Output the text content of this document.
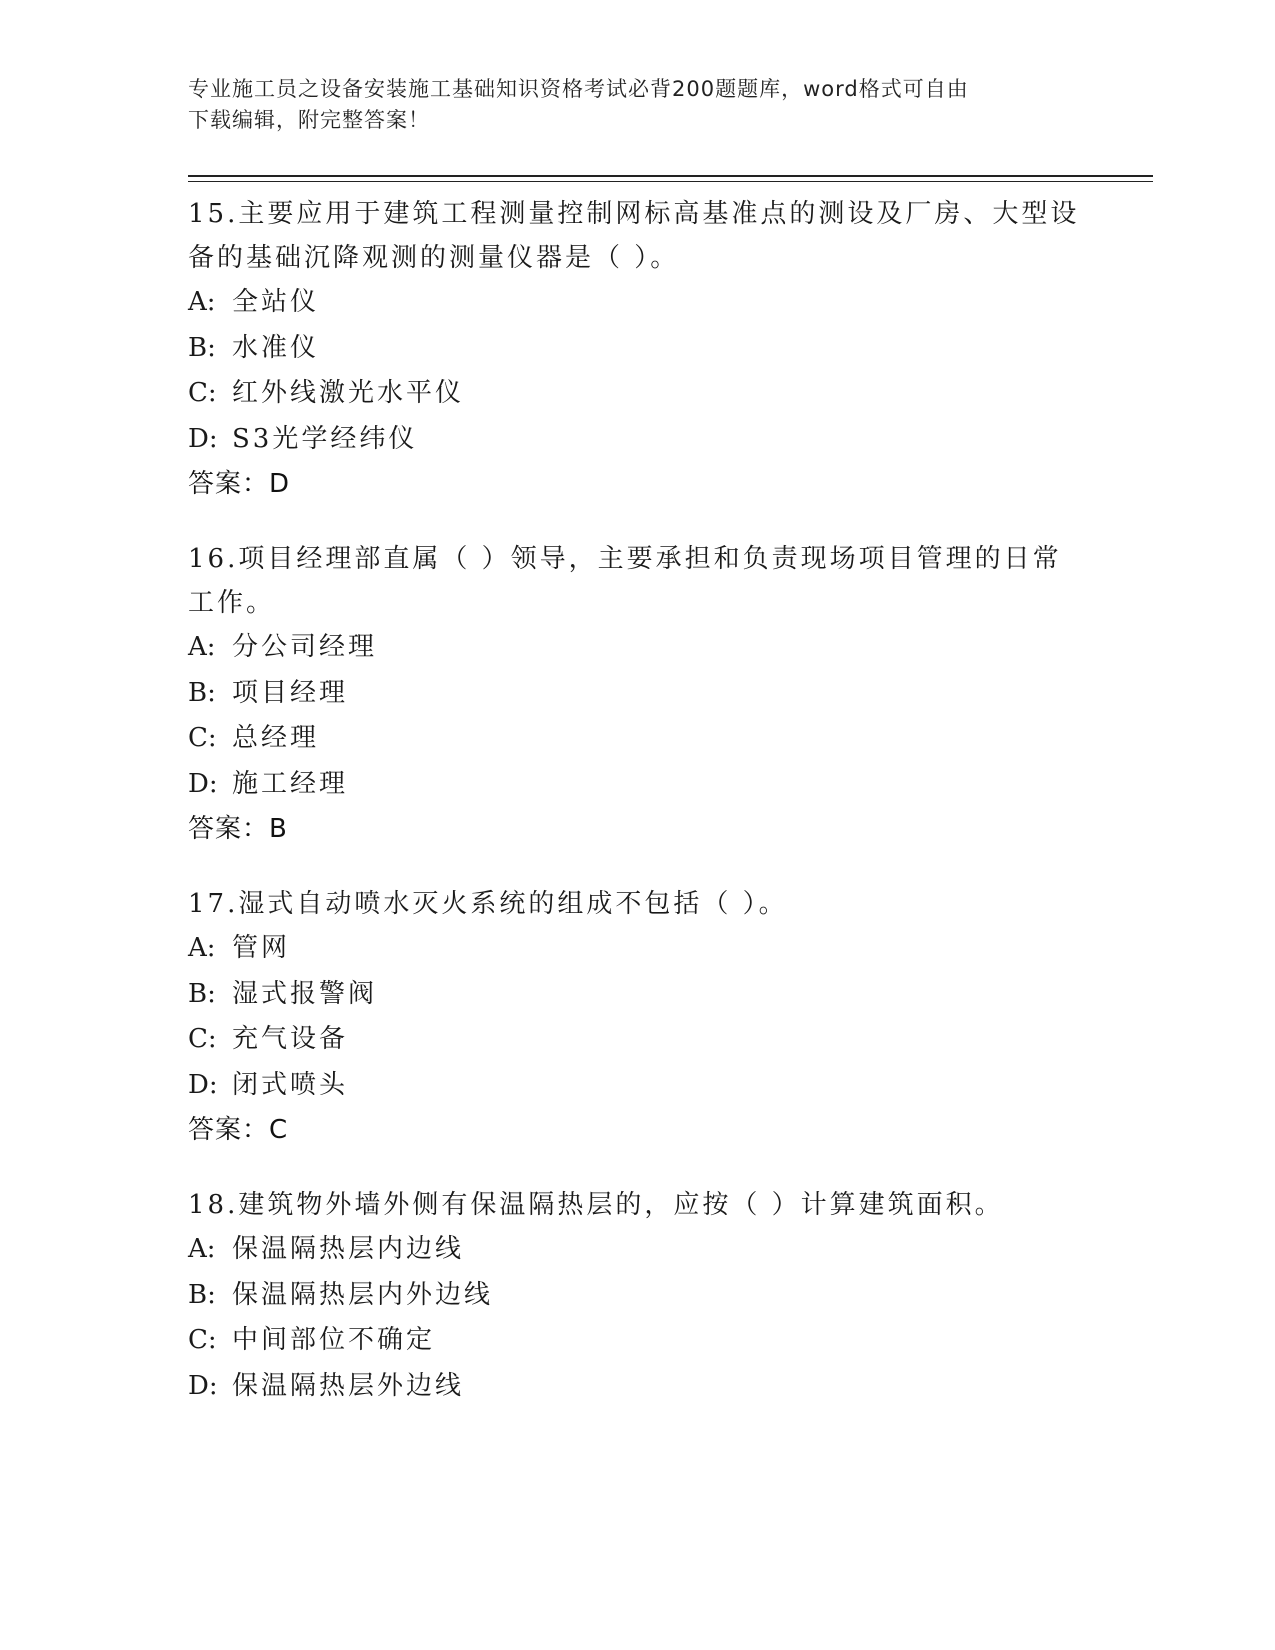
专业施工员之设备安装施工基础知识资格考试必背200题题库，word格式可自由
下载编辑，附完整答案！

15.主要应用于建筑工程测量控制网标高基准点的测设及厂房、大型设备的基础沉降观测的测量仪器是（ ）。

A: 全站仪
B: 水准仪
C: 红外线激光水平仪
D: S3光学经纬仪

答案：D

16.项目经理部直属（ ）领导，主要承担和负责现场项目管理的日常工作。

A: 分公司经理
B: 项目经理
C: 总经理
D: 施工经理

答案：B

17.湿式自动喷水灭火系统的组成不包括（ ）。

A: 管网
B: 湿式报警阀
C: 充气设备
D: 闭式喷头

答案：C

18.建筑物外墙外侧有保温隔热层的，应按（ ）计算建筑面积。

A: 保温隔热层内边线
B: 保温隔热层内外边线
C: 中间部位不确定
D: 保温隔热层外边线
